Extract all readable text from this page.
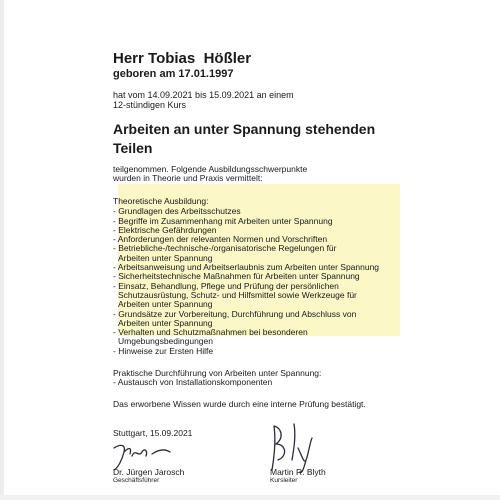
Herr Tobias  Hößler
geboren am 17.01.1997
hat vom 14.09.2021 bis 15.09.2021 an einem
12-stündigen Kurs
Arbeiten an unter Spannung stehenden
Teilen
teilgenommen. Folgende Ausbildungsschwerpunkte
wurden in Theorie und Praxis vermittelt:
Theoretische Ausbildung:
- Grundlagen des Arbeitsschutzes
- Begriffe im Zusammenhang mit Arbeiten unter Spannung
- Elektrische Gefährdungen
- Anforderungen der relevanten Normen und Vorschriften
- Betriebliche-/technische-/organisatorische Regelungen für
Arbeiten unter Spannung
- Arbeitsanweisung und Arbeitserlaubnis zum Arbeiten unter Spannung
- Sicherheitstechnische Maßnahmen für Arbeiten unter Spannung
- Einsatz, Behandlung, Pflege und Prüfung der persönlichen
Schutzausrüstung, Schutz- und Hilfsmittel sowie Werkzeuge für
Arbeiten unter Spannung
- Grundsätze zur Vorbereitung, Durchführung und Abschluss von
Arbeiten unter Spannung
- Verhalten und Schutzmaßnahmen bei besonderen
Umgebungsbedingungen
- Hinweise zur Ersten Hilfe
Praktische Durchführung von Arbeiten unter Spannung:
- Austausch von Installationskomponenten
Das erworbene Wissen wurde durch eine interne Prüfung bestätigt.
Stuttgart, 15.09.2021
Dr. Jürgen Jarosch
Geschäftsführer
Martin R. Blyth
Kursleiter
